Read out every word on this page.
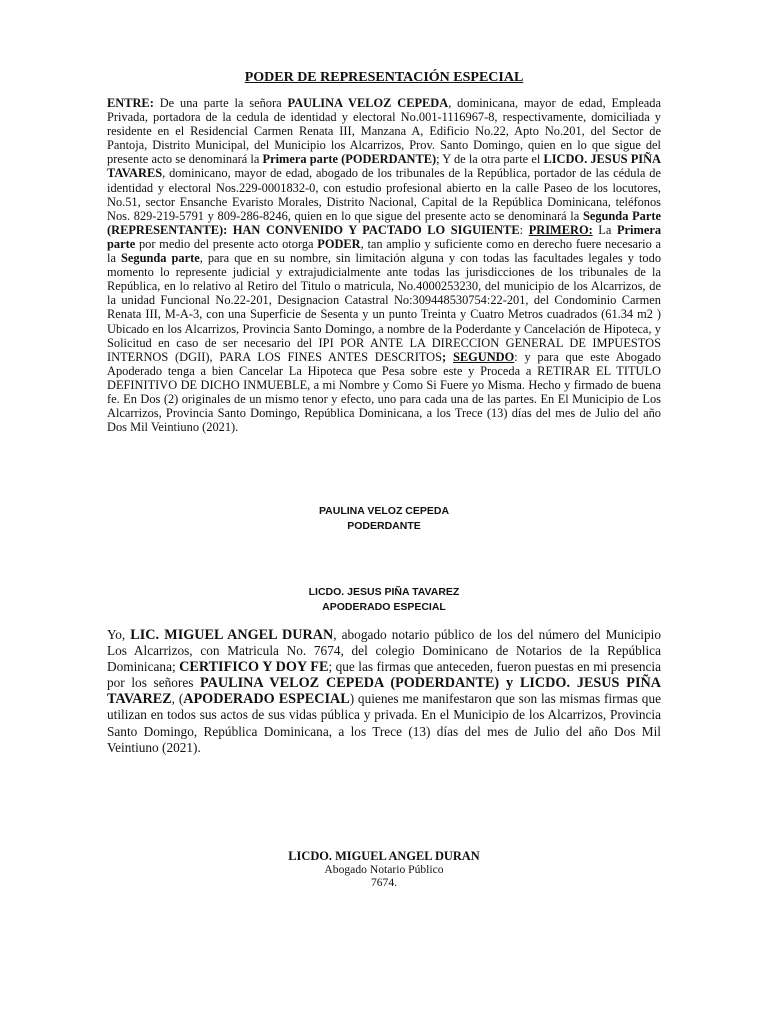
PODER DE REPRESENTACIÓN ESPECIAL
ENTRE: De una parte la señora PAULINA VELOZ CEPEDA, dominicana, mayor de edad, Empleada Privada, portadora de la cedula de identidad y electoral No.001-1116967-8, respectivamente, domiciliada y residente en el Residencial Carmen Renata III, Manzana A, Edificio No.22, Apto No.201, del Sector de Pantoja, Distrito Municipal, del Municipio los Alcarrizos, Prov. Santo Domingo, quien en lo que sigue del presente acto se denominará la Primera parte (PODERDANTE); Y de la otra parte el LICDO. JESUS PIÑA TAVARES, dominicano, mayor de edad, abogado de los tribunales de la República, portador de las cédula de identidad y electoral Nos.229-0001832-0, con estudio profesional abierto en la calle Paseo de los locutores, No.51, sector Ensanche Evaristo Morales, Distrito Nacional, Capital de la República Dominicana, teléfonos Nos. 829-219-5791 y 809-286-8246, quien en lo que sigue del presente acto se denominará la Segunda Parte (REPRESENTANTE): HAN CONVENIDO Y PACTADO LO SIGUIENTE: PRIMERO: La Primera parte por medio del presente acto otorga PODER, tan amplio y suficiente como en derecho fuere necesario a la Segunda parte, para que en su nombre, sin limitación alguna y con todas las facultades legales y todo momento lo represente judicial y extrajudicialmente ante todas las jurisdicciones de los tribunales de la República, en lo relativo al Retiro del Titulo o matricula, No.4000253230, del municipio de los Alcarrizos, de la unidad Funcional No.22-201, Designacion Catastral No:309448530754:22-201, del Condominio Carmen Renata III, M-A-3, con una Superficie de Sesenta y un punto Treinta y Cuatro Metros cuadrados (61.34 m2 ) Ubicado en los Alcarrizos, Provincia Santo Domingo, a nombre de la Poderdante y Cancelación de Hipoteca, y Solicitud en caso de ser necesario del IPI POR ANTE LA DIRECCION GENERAL DE IMPUESTOS INTERNOS (DGII), PARA LOS FINES ANTES DESCRITOS; SEGUNDO: y para que este Abogado Apoderado tenga a bien Cancelar La Hipoteca que Pesa sobre este y Proceda a RETIRAR EL TITULO DEFINITIVO DE DICHO INMUEBLE, a mi Nombre y Como Si Fuere yo Misma. Hecho y firmado de buena fe. En Dos (2) originales de un mismo tenor y efecto, uno para cada una de las partes. En El Municipio de Los Alcarrizos, Provincia Santo Domingo, República Dominicana, a los Trece (13) días del mes de Julio del año Dos Mil Veintiuno (2021).
PAULINA VELOZ CEPEDA
PODERDANTE
LICDO. JESUS PIÑA TAVAREZ
APODERADO ESPECIAL
Yo, LIC. MIGUEL ANGEL DURAN, abogado notario público de los del número del Municipio Los Alcarrizos, con Matricula No. 7674, del colegio Dominicano de Notarios de la República Dominicana; CERTIFICO Y DOY FE; que las firmas que anteceden, fueron puestas en mi presencia por los señores PAULINA VELOZ CEPEDA (PODERDANTE) y LICDO. JESUS PIÑA TAVAREZ, (APODERADO ESPECIAL) quienes me manifestaron que son las mismas firmas que utilizan en todos sus actos de sus vidas pública y privada. En el Municipio de los Alcarrizos, Provincia Santo Domingo, República Dominicana, a los Trece (13) días del mes de Julio del año Dos Mil Veintiuno (2021).
LICDO. MIGUEL ANGEL DURAN
Abogado Notario Público
7674.
